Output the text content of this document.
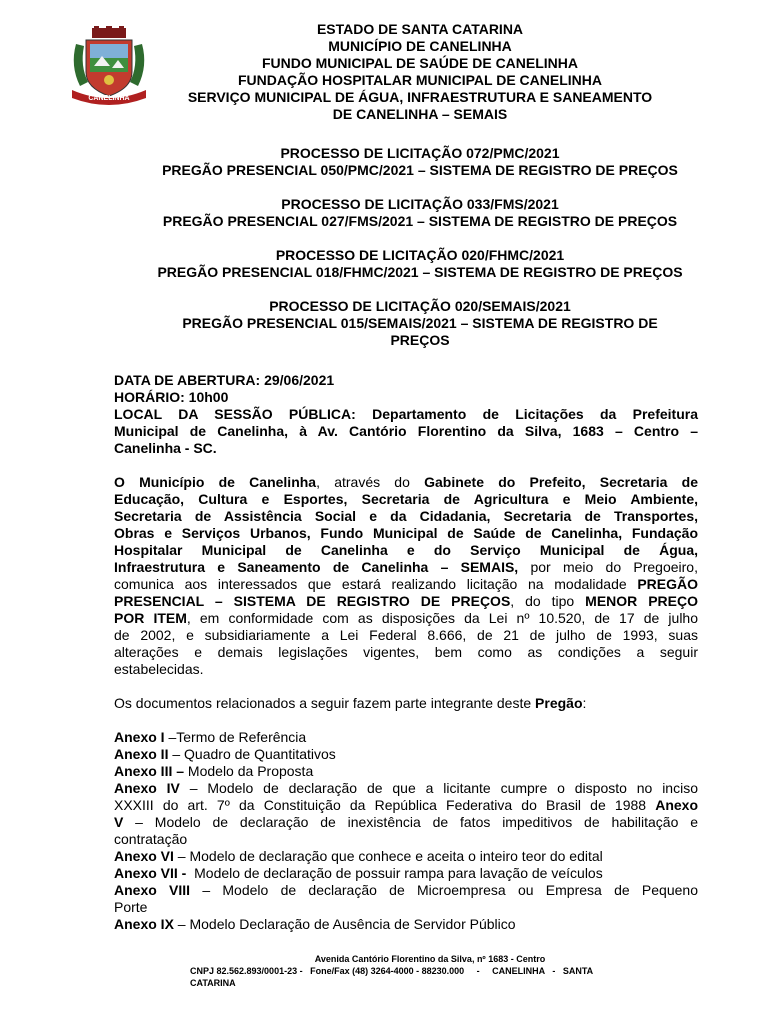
CANELINHA
ESTADO DE SANTA CATARINA
MUNICÍPIO DE CANELINHA
FUNDO MUNICIPAL DE SAÚDE DE CANELINHA
FUNDAÇÃO HOSPITALAR MUNICIPAL DE CANELINHA
SERVIÇO MUNICIPAL DE ÁGUA, INFRAESTRUTURA E SANEAMENTO
DE CANELINHA – SEMAIS
PROCESSO DE LICITAÇÃO 072/PMC/2021
PREGÃO PRESENCIAL 050/PMC/2021 – SISTEMA DE REGISTRO DE PREÇOS
PROCESSO DE LICITAÇÃO 033/FMS/2021
PREGÃO PRESENCIAL 027/FMS/2021 – SISTEMA DE REGISTRO DE PREÇOS
PROCESSO DE LICITAÇÃO 020/FHMC/2021
PREGÃO PRESENCIAL 018/FHMC/2021 – SISTEMA DE REGISTRO DE PREÇOS
PROCESSO DE LICITAÇÃO 020/SEMAIS/2021
PREGÃO PRESENCIAL 015/SEMAIS/2021 – SISTEMA DE REGISTRO DE
PREÇOS
DATA DE ABERTURA: 29/06/2021
HORÁRIO: 10h00
LOCAL DA SESSÃO PÚBLICA: Departamento de Licitações da Prefeitura
Municipal de Canelinha, à Av. Cantório Florentino da Silva, 1683 – Centro –
Canelinha - SC.
O Município de Canelinha, através do Gabinete do Prefeito, Secretaria de
Educação, Cultura e Esportes, Secretaria de Agricultura e Meio Ambiente,
Secretaria de Assistência Social e da Cidadania, Secretaria de Transportes,
Obras e Serviços Urbanos, Fundo Municipal de Saúde de Canelinha, Fundação
Hospitalar Municipal de Canelinha e do Serviço Municipal de Água,
Infraestrutura e Saneamento de Canelinha – SEMAIS, por meio do Pregoeiro,
comunica aos interessados que estará realizando licitação na modalidade PREGÃO
PRESENCIAL – SISTEMA DE REGISTRO DE PREÇOS, do tipo MENOR PREÇO
POR ITEM, em conformidade com as disposições da Lei nº 10.520, de 17 de julho
de 2002, e subsidiariamente a Lei Federal 8.666, de 21 de julho de 1993, suas
alterações e demais legislações vigentes, bem como as condições a seguir
estabelecidas.
Os documentos relacionados a seguir fazem parte integrante deste Pregão:
Anexo I –Termo de Referência
Anexo II – Quadro de Quantitativos
Anexo III – Modelo da Proposta
Anexo IV – Modelo de declaração de que a licitante cumpre o disposto no inciso
XXXIII do art. 7º da Constituição da República Federativa do Brasil de 1988 Anexo
V – Modelo de declaração de inexistência de fatos impeditivos de habilitação e
contratação
Anexo VI – Modelo de declaração que conhece e aceita o inteiro teor do edital
Anexo VII -  Modelo de declaração de possuir rampa para lavação de veículos
Anexo VIII – Modelo de declaração de Microempresa ou Empresa de Pequeno
Porte
Anexo IX – Modelo Declaração de Ausência de Servidor Público
Avenida Cantório Florentino da Silva, nº 1683 - Centro
CNPJ 82.562.893/0001-23 -   Fone/Fax (48) 3264-4000 - 88230.000     -     CANELINHA   -   SANTA
CATARINA
